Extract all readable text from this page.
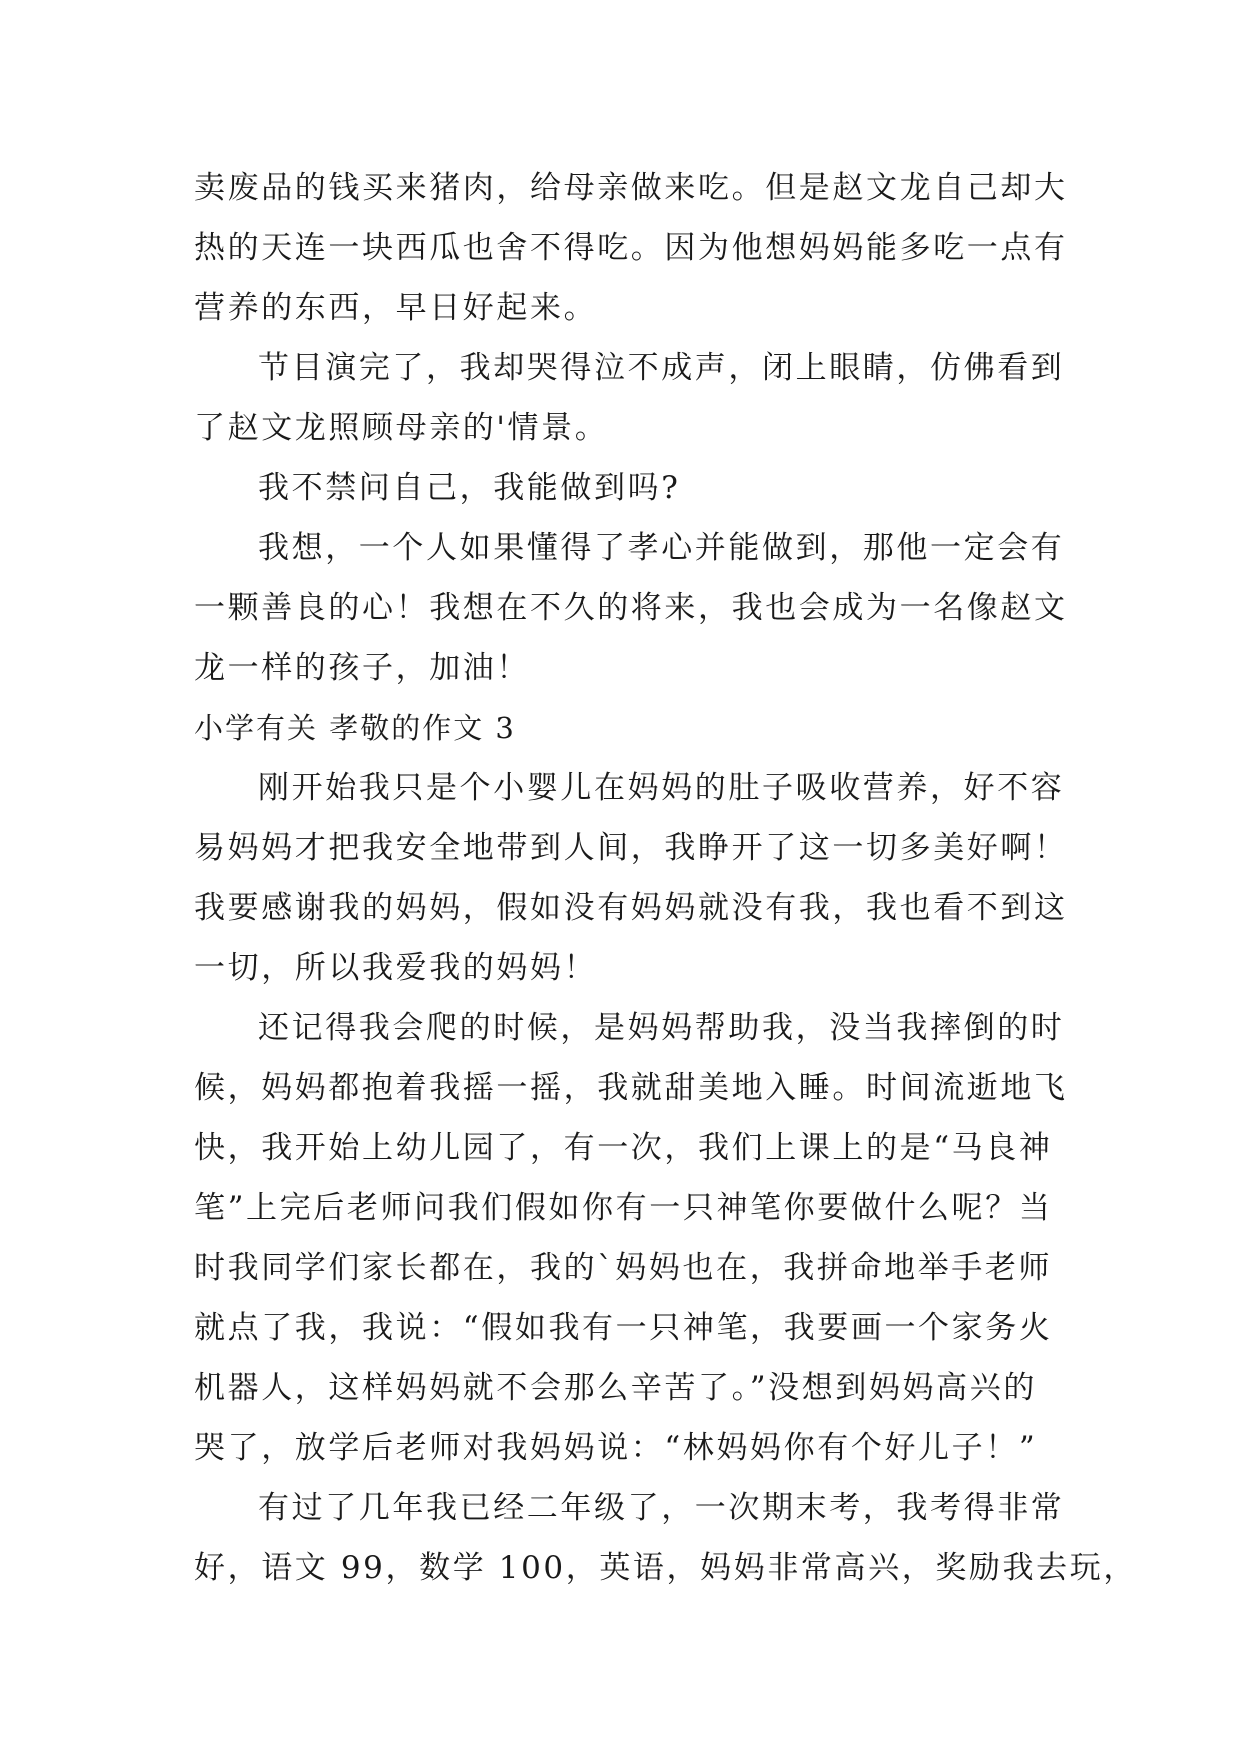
卖废品的钱买来猪肉，给母亲做来吃。但是赵文龙自己却大
热的天连一块西瓜也舍不得吃。因为他想妈妈能多吃一点有
营养的东西，早日好起来。
节目演完了，我却哭得泣不成声，闭上眼睛，仿佛看到
了赵文龙照顾母亲的'情景。
我不禁问自己，我能做到吗?
我想，一个人如果懂得了孝心并能做到，那他一定会有
一颗善良的心！我想在不久的将来，我也会成为一名像赵文
龙一样的孩子，加油！
小学有关 孝敬的作文 3
刚开始我只是个小婴儿在妈妈的肚子吸收营养，好不容
易妈妈才把我安全地带到人间，我睁开了这一切多美好啊！
我要感谢我的妈妈，假如没有妈妈就没有我，我也看不到这
一切，所以我爱我的妈妈！
还记得我会爬的时候，是妈妈帮助我，没当我摔倒的时
候，妈妈都抱着我摇一摇，我就甜美地入睡。时间流逝地飞
快，我开始上幼儿园了，有一次，我们上课上的是“马良神
笔”上完后老师问我们假如你有一只神笔你要做什么呢？当
时我同学们家长都在，我的`妈妈也在，我拼命地举手老师
就点了我，我说：“假如我有一只神笔，我要画一个家务火
机器人，这样妈妈就不会那么辛苦了。”没想到妈妈高兴的
哭了，放学后老师对我妈妈说：“林妈妈你有个好儿子！”
有过了几年我已经二年级了，一次期末考，我考得非常
好，语文 99，数学 100，英语，妈妈非常高兴，奖励我去玩，
